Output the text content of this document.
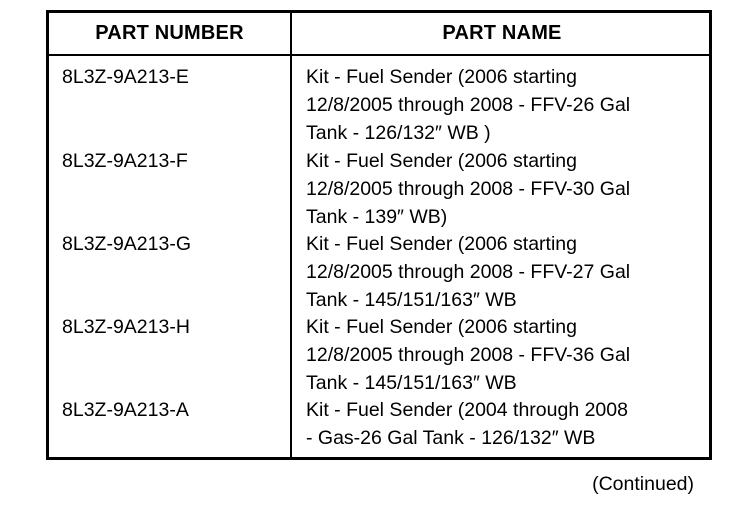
PART NUMBER	PART NAME
8L3Z-9A213-E	Kit - Fuel Sender (2006 starting
12/8/2005 through 2008 - FFV-26 Gal
Tank - 126/132″ WB )
8L3Z-9A213-F	Kit - Fuel Sender (2006 starting
12/8/2005 through 2008 - FFV-30 Gal
Tank - 139″ WB)
8L3Z-9A213-G	Kit - Fuel Sender (2006 starting
12/8/2005 through 2008 - FFV-27 Gal
Tank - 145/151/163″ WB
8L3Z-9A213-H	Kit - Fuel Sender (2006 starting
12/8/2005 through 2008 - FFV-36 Gal
Tank - 145/151/163″ WB
8L3Z-9A213-A	Kit - Fuel Sender (2004 through 2008
- Gas-26 Gal Tank - 126/132″ WB
(Continued)
